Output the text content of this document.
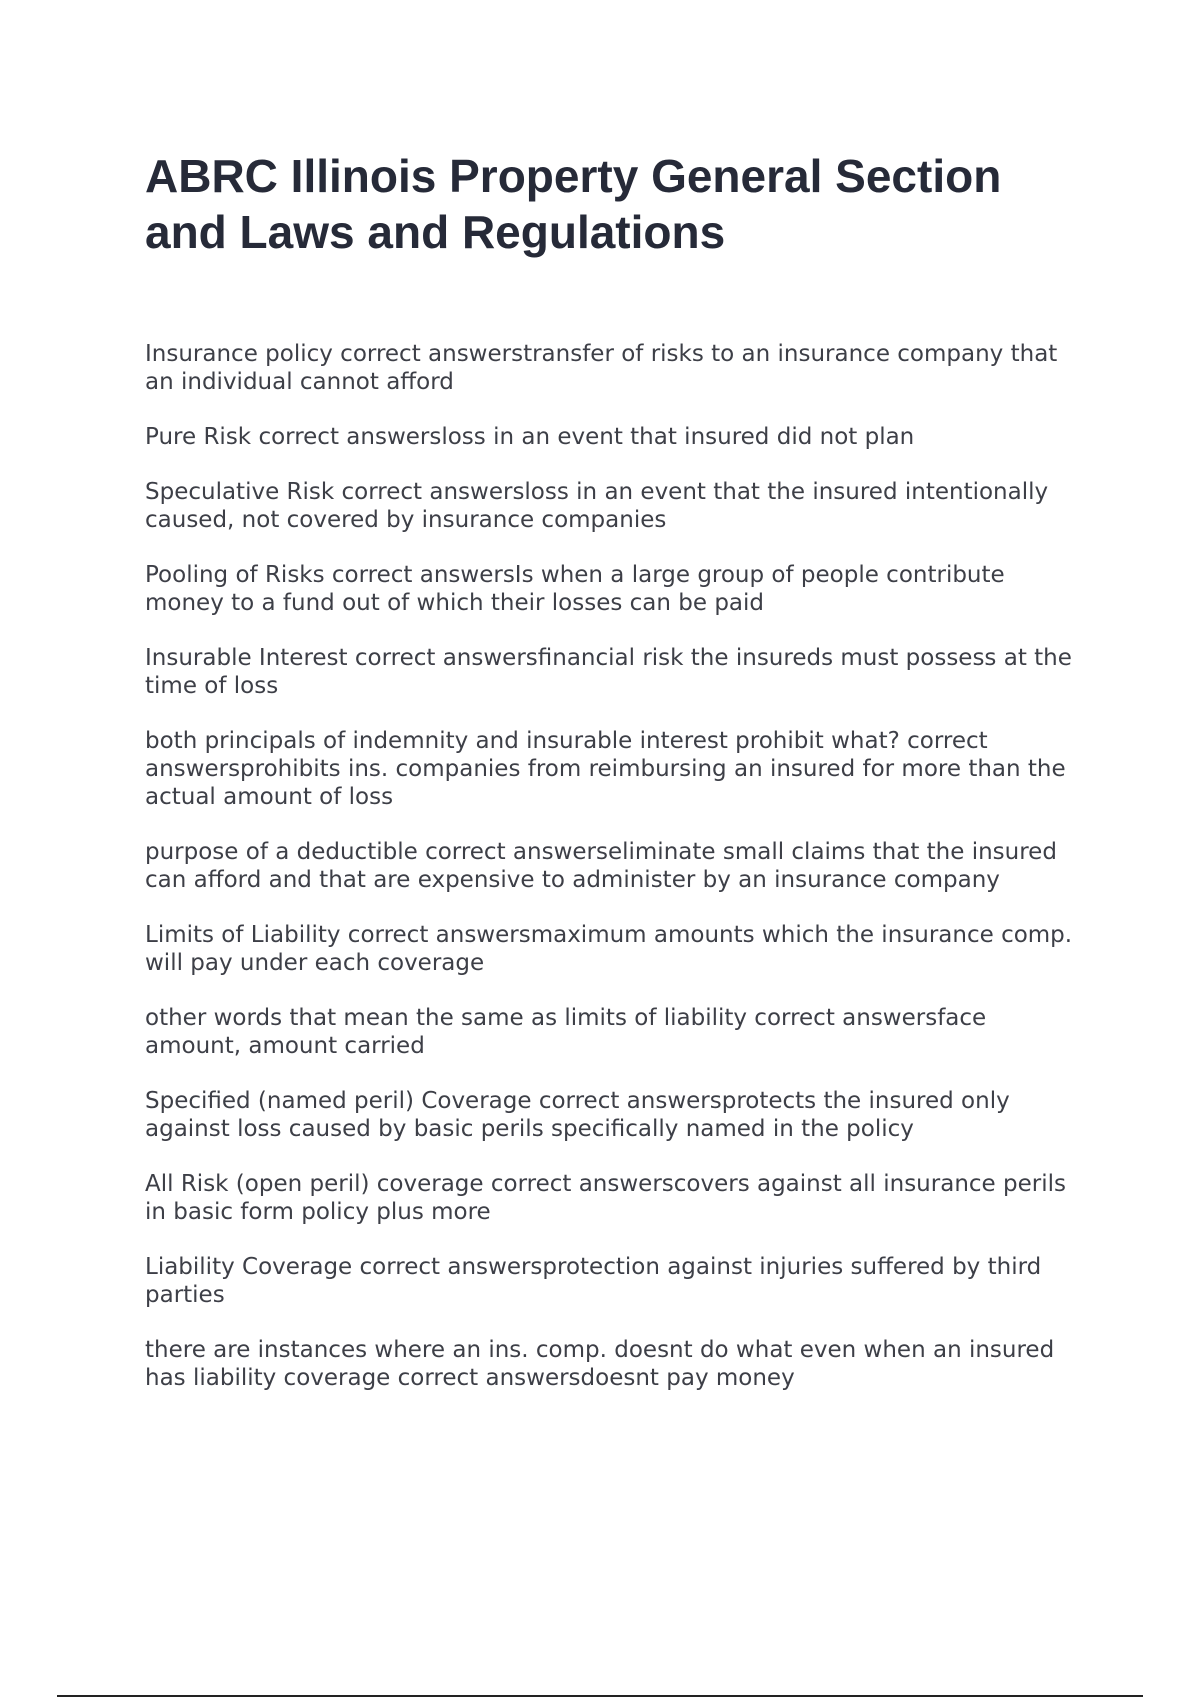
ABRC Illinois Property General Section and Laws and Regulations
Insurance policy correct answerstransfer of risks to an insurance company that an individual cannot afford
Pure Risk correct answersloss in an event that insured did not plan
Speculative Risk correct answersloss in an event that the insured intentionally caused, not covered by insurance companies
Pooling of Risks correct answersIs when a large group of people contribute money to a fund out of which their losses can be paid
Insurable Interest correct answersfinancial risk the insureds must possess at the time of loss
both principals of indemnity and insurable interest prohibit what? correct answersprohibits ins. companies from reimbursing an insured for more than the actual amount of loss
purpose of a deductible correct answerseliminate small claims that the insured can afford and that are expensive to administer by an insurance company
Limits of Liability correct answersmaximum amounts which the insurance comp. will pay under each coverage
other words that mean the same as limits of liability correct answersface amount, amount carried
Specified (named peril) Coverage correct answersprotects the insured only against loss caused by basic perils specifically named in the policy
All Risk (open peril) coverage correct answerscovers against all insurance perils in basic form policy plus more
Liability Coverage correct answersprotection against injuries suffered by third parties
there are instances where an ins. comp. doesnt do what even when an insured has liability coverage correct answersdoesnt pay money
